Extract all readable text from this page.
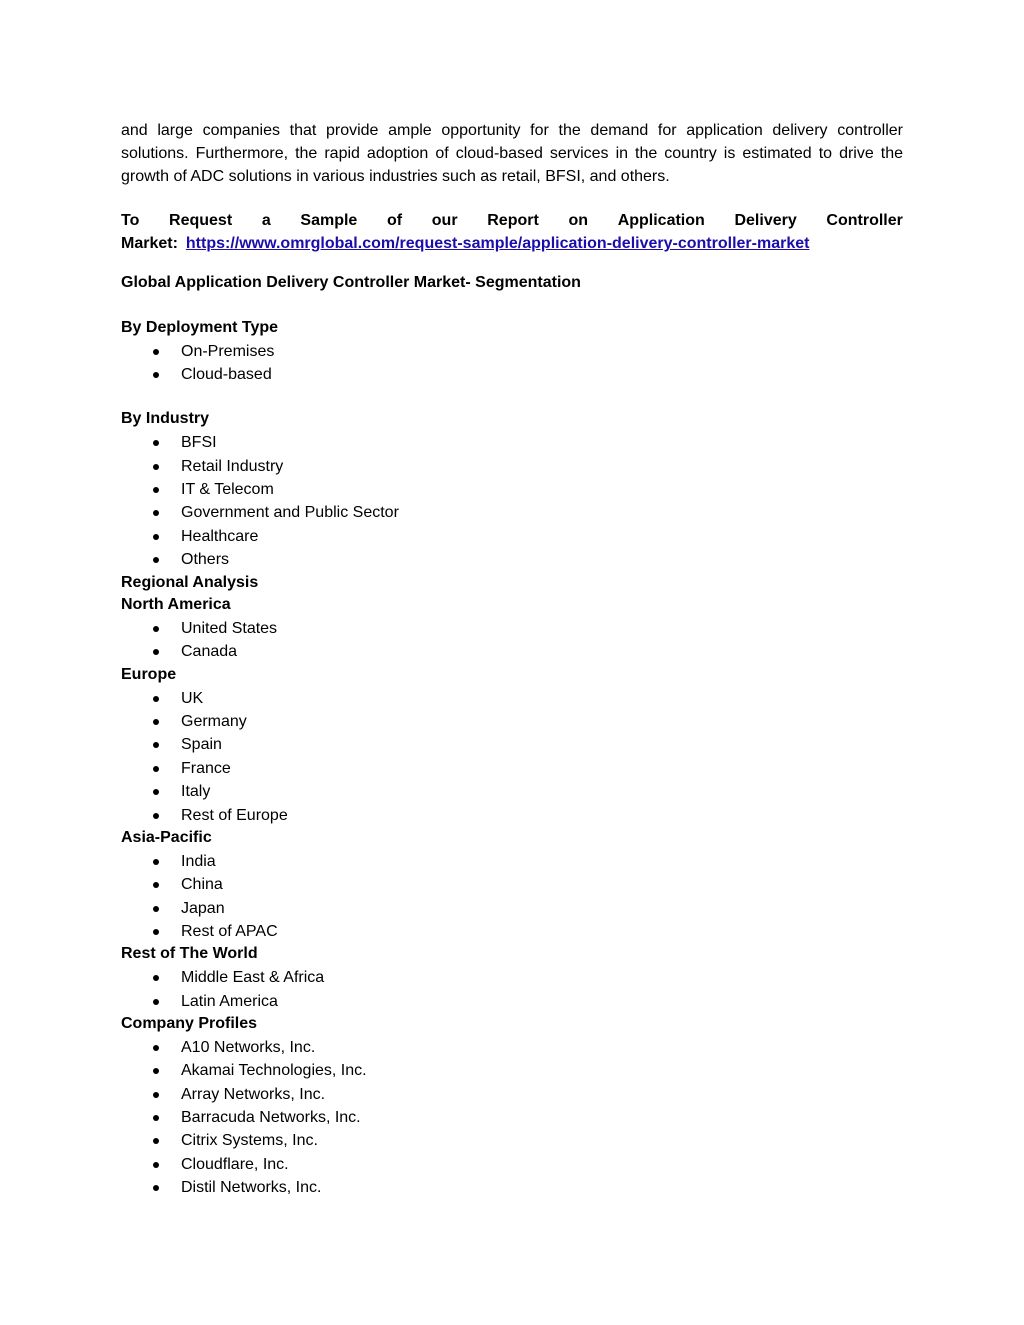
and large companies that provide ample opportunity for the demand for application delivery controller solutions. Furthermore, the rapid adoption of cloud-based services in the country is estimated to drive the growth of ADC solutions in various industries such as retail, BFSI, and others.

To Request a Sample of our Report on Application Delivery Controller
Market: https://www.omrglobal.com/request-sample/application-delivery-controller-market

Global Application Delivery Controller Market- Segmentation

By Deployment Type

On-Premises
Cloud-based

By Industry

BFSI
Retail Industry
IT & Telecom
Government and Public Sector
Healthcare
Others

Regional Analysis

North America

United States
Canada

Europe

UK
Germany
Spain
France
Italy
Rest of Europe

Asia-Pacific

India
China
Japan
Rest of APAC

Rest of The World

Middle East & Africa
Latin America

Company Profiles

A10 Networks, Inc.
Akamai Technologies, Inc.
Array Networks, Inc.
Barracuda Networks, Inc.
Citrix Systems, Inc.
Cloudflare, Inc.
Distil Networks, Inc.
